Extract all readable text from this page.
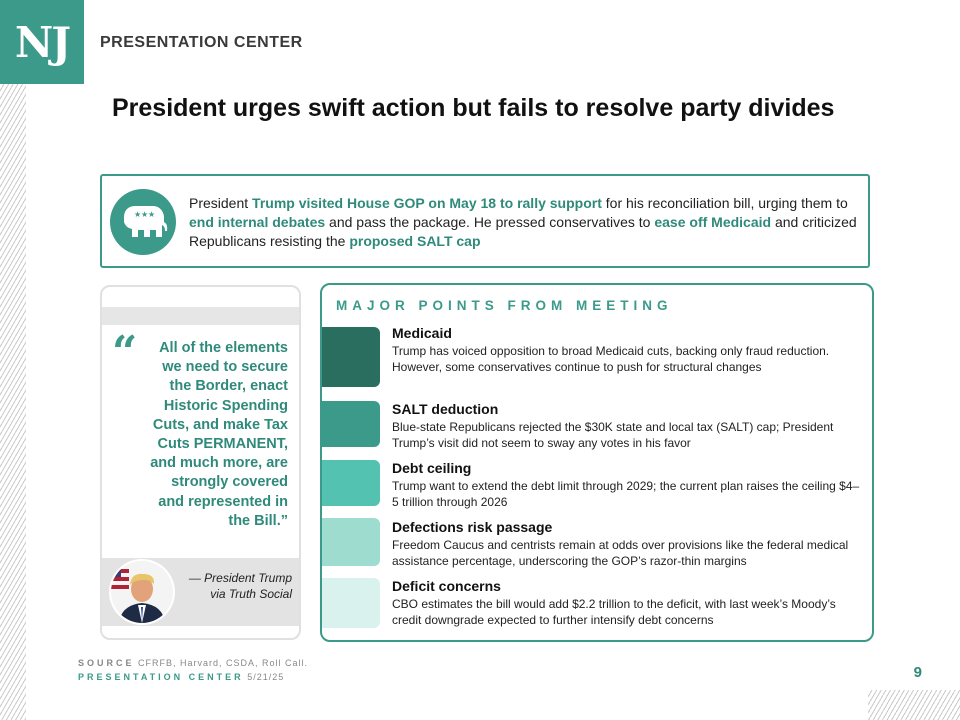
NJ	PRESENTATION CENTER
President urges swift action but fails to resolve party divides
★ ★ ★
President Trump visited House GOP on May 18 to rally support for his reconciliation bill, urging them to end internal debates and pass the package. He pressed conservatives to ease off Medicaid and criticized Republicans resisting the proposed SALT cap
“	All of the elements we need to secure the Border, enact Historic Spending Cuts, and make Tax Cuts PERMANENT, and much more, are strongly covered and represented in the Bill.”
— President Trump via Truth Social
MAJOR POINTS FROM MEETING
Medicaid
Trump has voiced opposition to broad Medicaid cuts, backing only fraud reduction. However, some conservatives continue to push for structural changes
SALT deduction
Blue-state Republicans rejected the $30K state and local tax (SALT) cap; President Trump’s visit did not seem to sway any votes in his favor
Debt ceiling
Trump want to extend the debt limit through 2029; the current plan raises the ceiling $4–5 trillion through 2026
Defections risk passage
Freedom Caucus and centrists remain at odds over provisions like the federal medical assistance percentage, underscoring the GOP’s razor-thin margins
Deficit concerns
CBO estimates the bill would add $2.2 trillion to the deficit, with last week’s Moody’s credit downgrade expected to further intensify debt concerns
SOURCE CFRFB, Harvard, CSDA, Roll Call.
PRESENTATION CENTER 5/21/25	9
